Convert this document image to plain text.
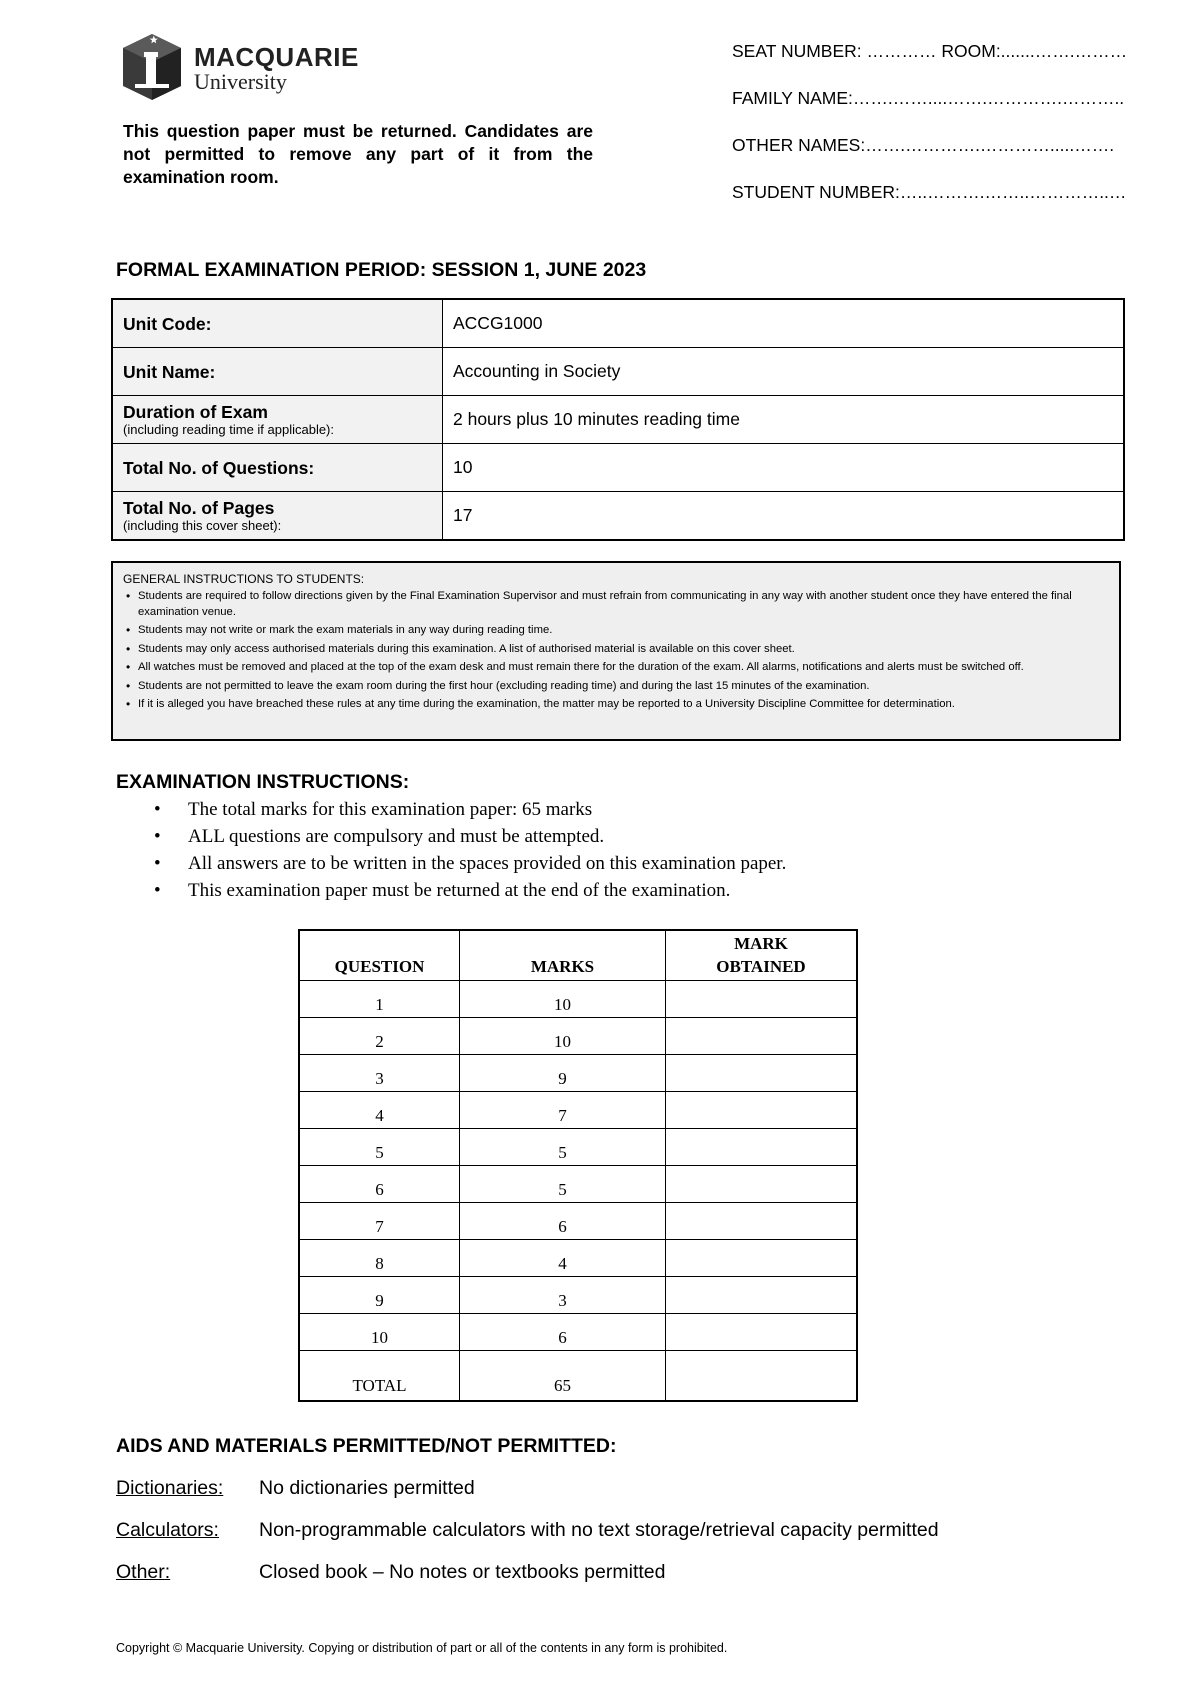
MACQUARIE
University
This question paper must be returned. Candidates are not permitted to remove any part of it from the examination room.
SEAT NUMBER: ………… ROOM:.......…….………
FAMILY NAME:…….……....…….………….………..
OTHER NAMES:…….………….………….....…….
STUDENT NUMBER:…..……….……..…………..…
FORMAL EXAMINATION PERIOD: SESSION 1, JUNE 2023
Unit Code:	ACCG1000

Unit Name:	Accounting in Society

Duration of Exam
(including reading time if applicable):	2 hours plus 10 minutes reading time

Total No. of Questions:	10

Total No. of Pages
(including this cover sheet):	17
GENERAL INSTRUCTIONS TO STUDENTS:
• Students are required to follow directions given by the Final Examination Supervisor and must refrain from communicating in any way with another student once they have entered the final examination venue.
• Students may not write or mark the exam materials in any way during reading time.
• Students may only access authorised materials during this examination. A list of authorised material is available on this cover sheet.
• All watches must be removed and placed at the top of the exam desk and must remain there for the duration of the exam. All alarms, notifications and alerts must be switched off.
• Students are not permitted to leave the exam room during the first hour (excluding reading time) and during the last 15 minutes of the examination.
• If it is alleged you have breached these rules at any time during the examination, the matter may be reported to a University Discipline Committee for determination.
EXAMINATION INSTRUCTIONS:
• The total marks for this examination paper: 65 marks
• ALL questions are compulsory and must be attempted.
• All answers are to be written in the spaces provided on this examination paper.
• This examination paper must be returned at the end of the examination.
QUESTION	MARKS	MARK
OBTAINED
1	10	
2	10	
3	9	
4	7	
5	5	
6	5	
7	6	
8	4	
9	3	
10	6	
TOTAL	65	
AIDS AND MATERIALS PERMITTED/NOT PERMITTED:
Dictionaries: No dictionaries permitted
Calculators: Non-programmable calculators with no text storage/retrieval capacity permitted
Other:	Closed book – No notes or textbooks permitted
Copyright © Macquarie University. Copying or distribution of part or all of the contents in any form is prohibited.
